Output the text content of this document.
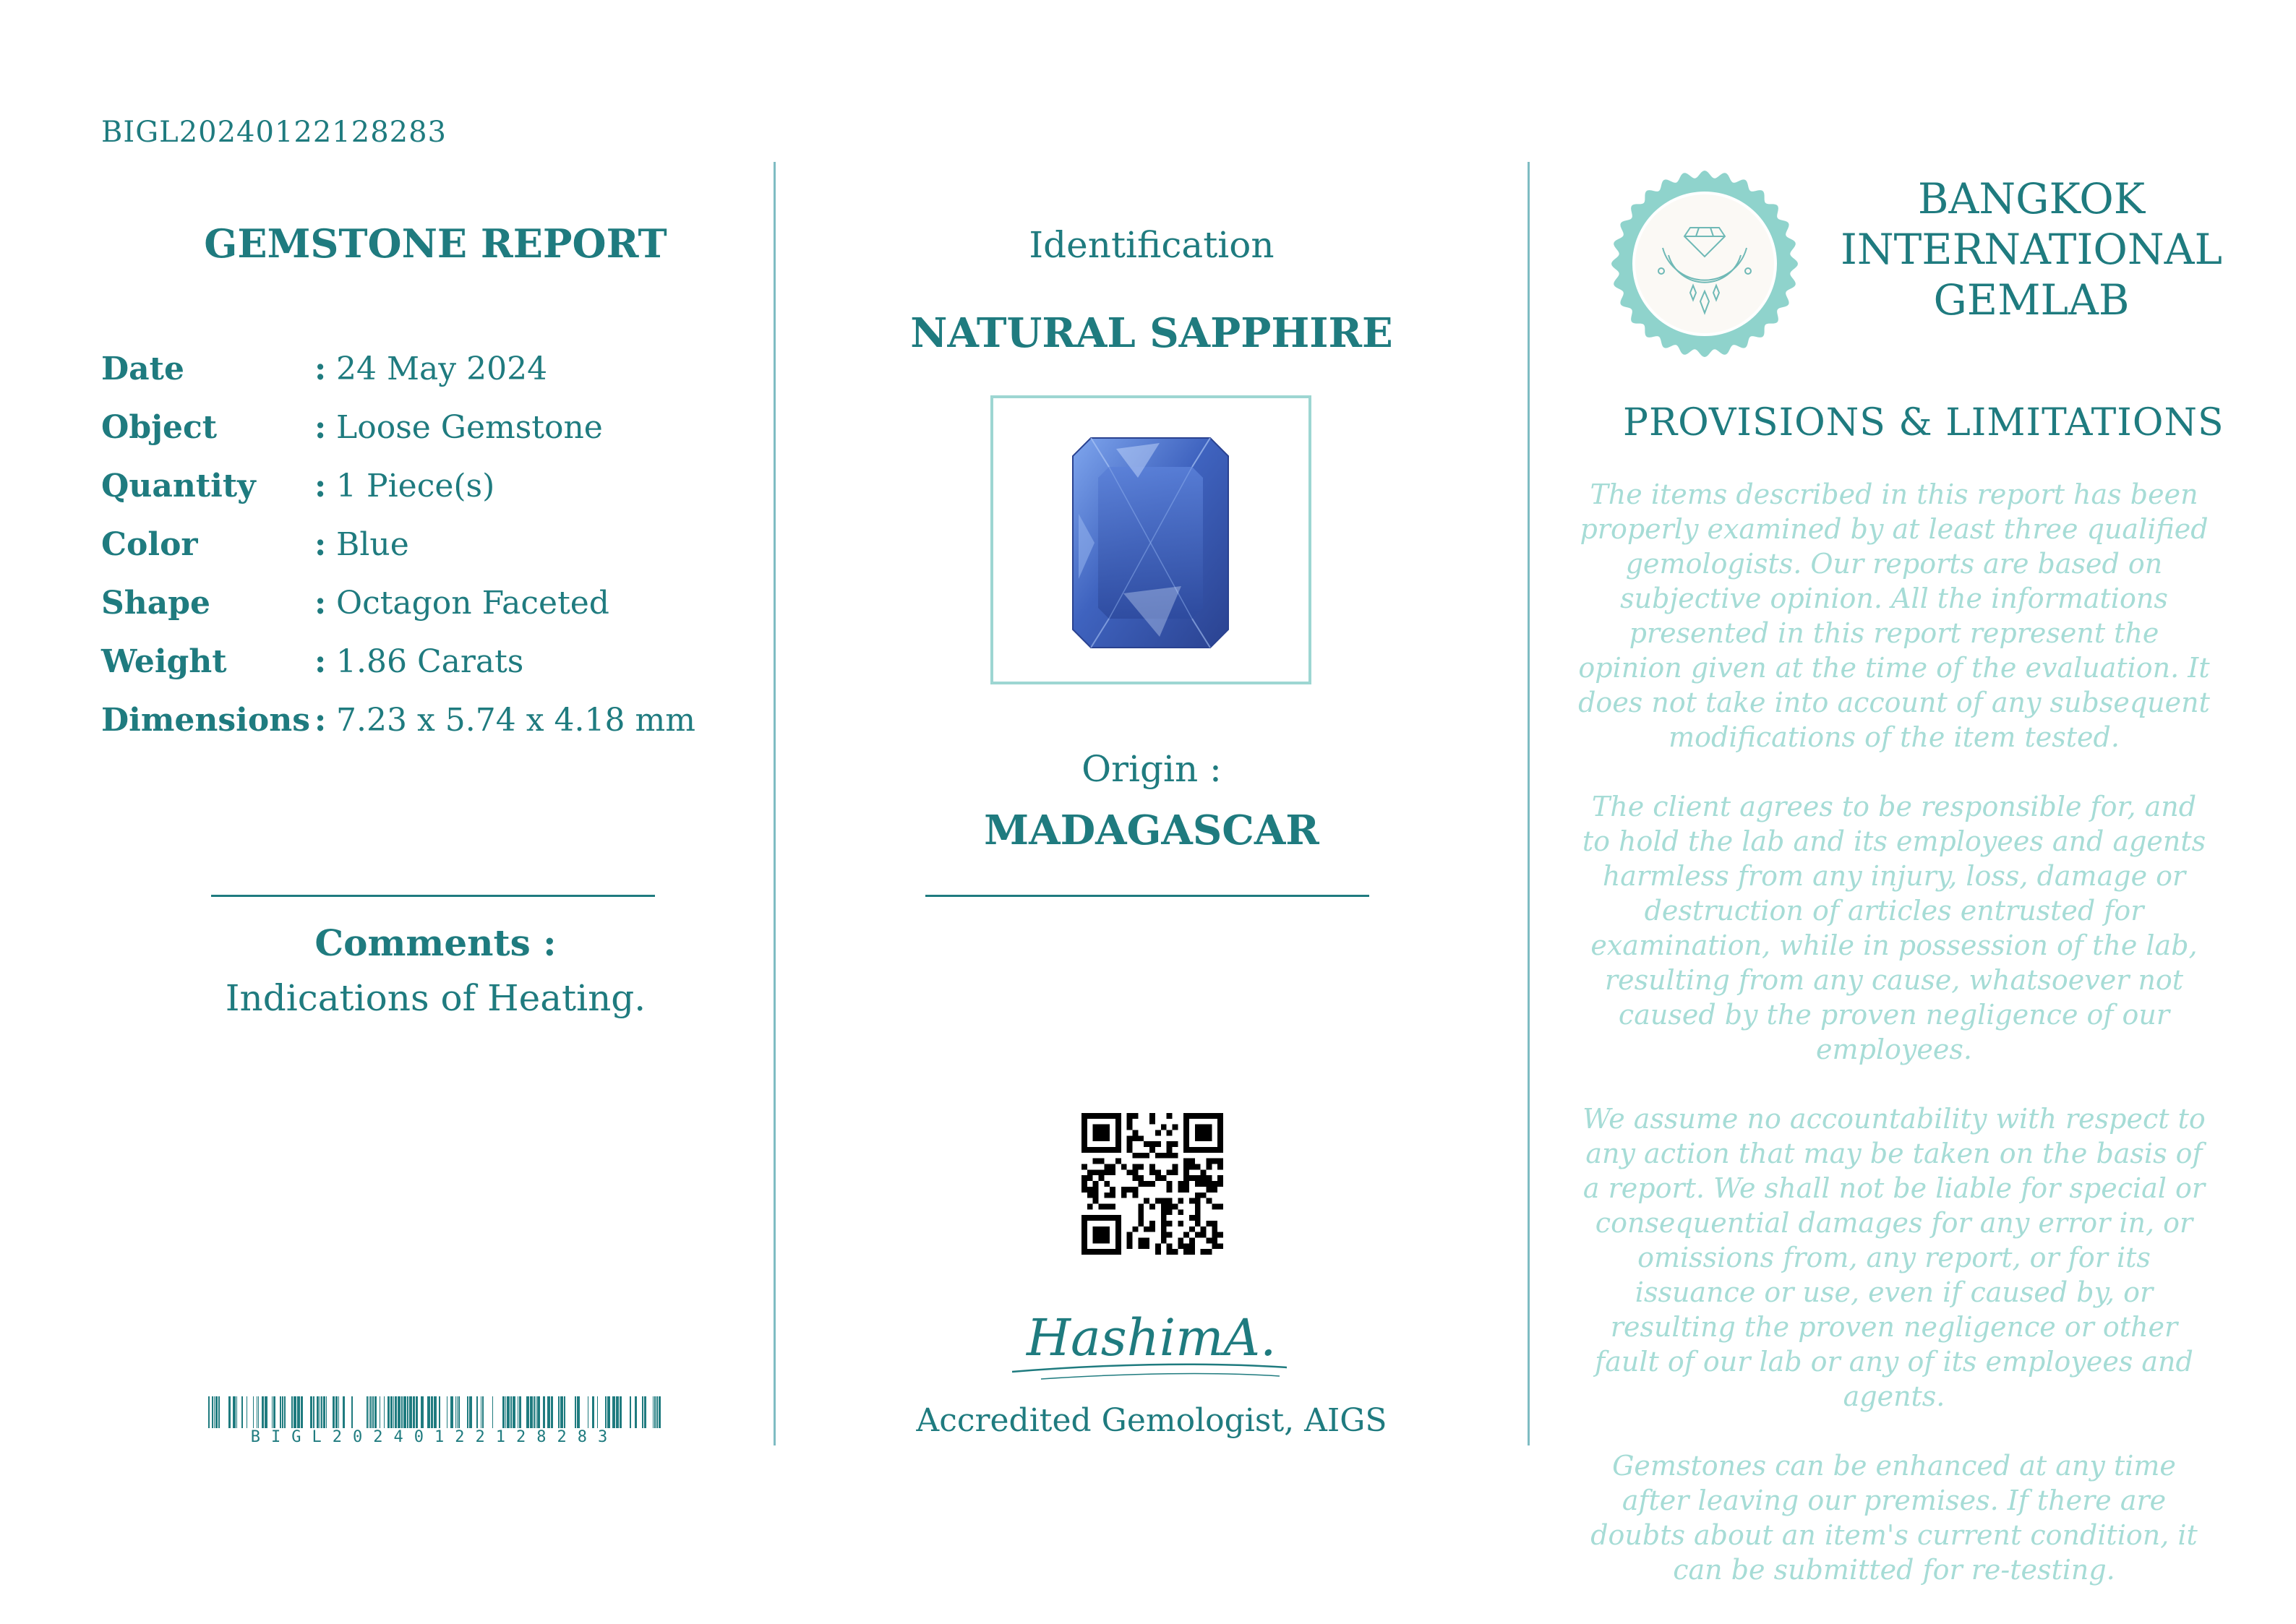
BIGL20240122128283
GEMSTONE REPORT
Date	: 24 May 2024
Object	: Loose Gemstone
Quantity	: 1 Piece(s)
Color	: Blue
Shape	: Octagon Faceted
Weight	: 1.86 Carats
Dimensions : 7.23 x 5.74 x 4.18 mm
Comments :
Indications of Heating.
BIGL20240122128283
Identification
NATURAL SAPPHIRE
Origin :
MADAGASCAR
HashimA.
Accredited Gemologist, AIGS
BANGKOK
INTERNATIONAL
GEMLAB
PROVISIONS & LIMITATIONS

The items described in this report has been properly examined by at least three qualified gemologists. Our reports are based on subjective opinion. All the informations presented in this report represent the opinion given at the time of the evaluation. It does not take into account of any subsequent modifications of the item tested.

The client agrees to be responsible for, and to hold the lab and its employees and agents harmless from any injury, loss, damage or destruction of articles entrusted for examination, while in possession of the lab, resulting from any cause, whatsoever not caused by the proven negligence of our employees.

We assume no accountability with respect to any action that may be taken on the basis of a report. We shall not be liable for special or consequential damages for any error in, or omissions from, any report, or for its issuance or use, even if caused by, or resulting the proven negligence or other fault of our lab or any of its employees and agents.

Gemstones can be enhanced at any time after leaving our premises. If there are doubts about an item's current condition, it can be submitted for re-testing.
